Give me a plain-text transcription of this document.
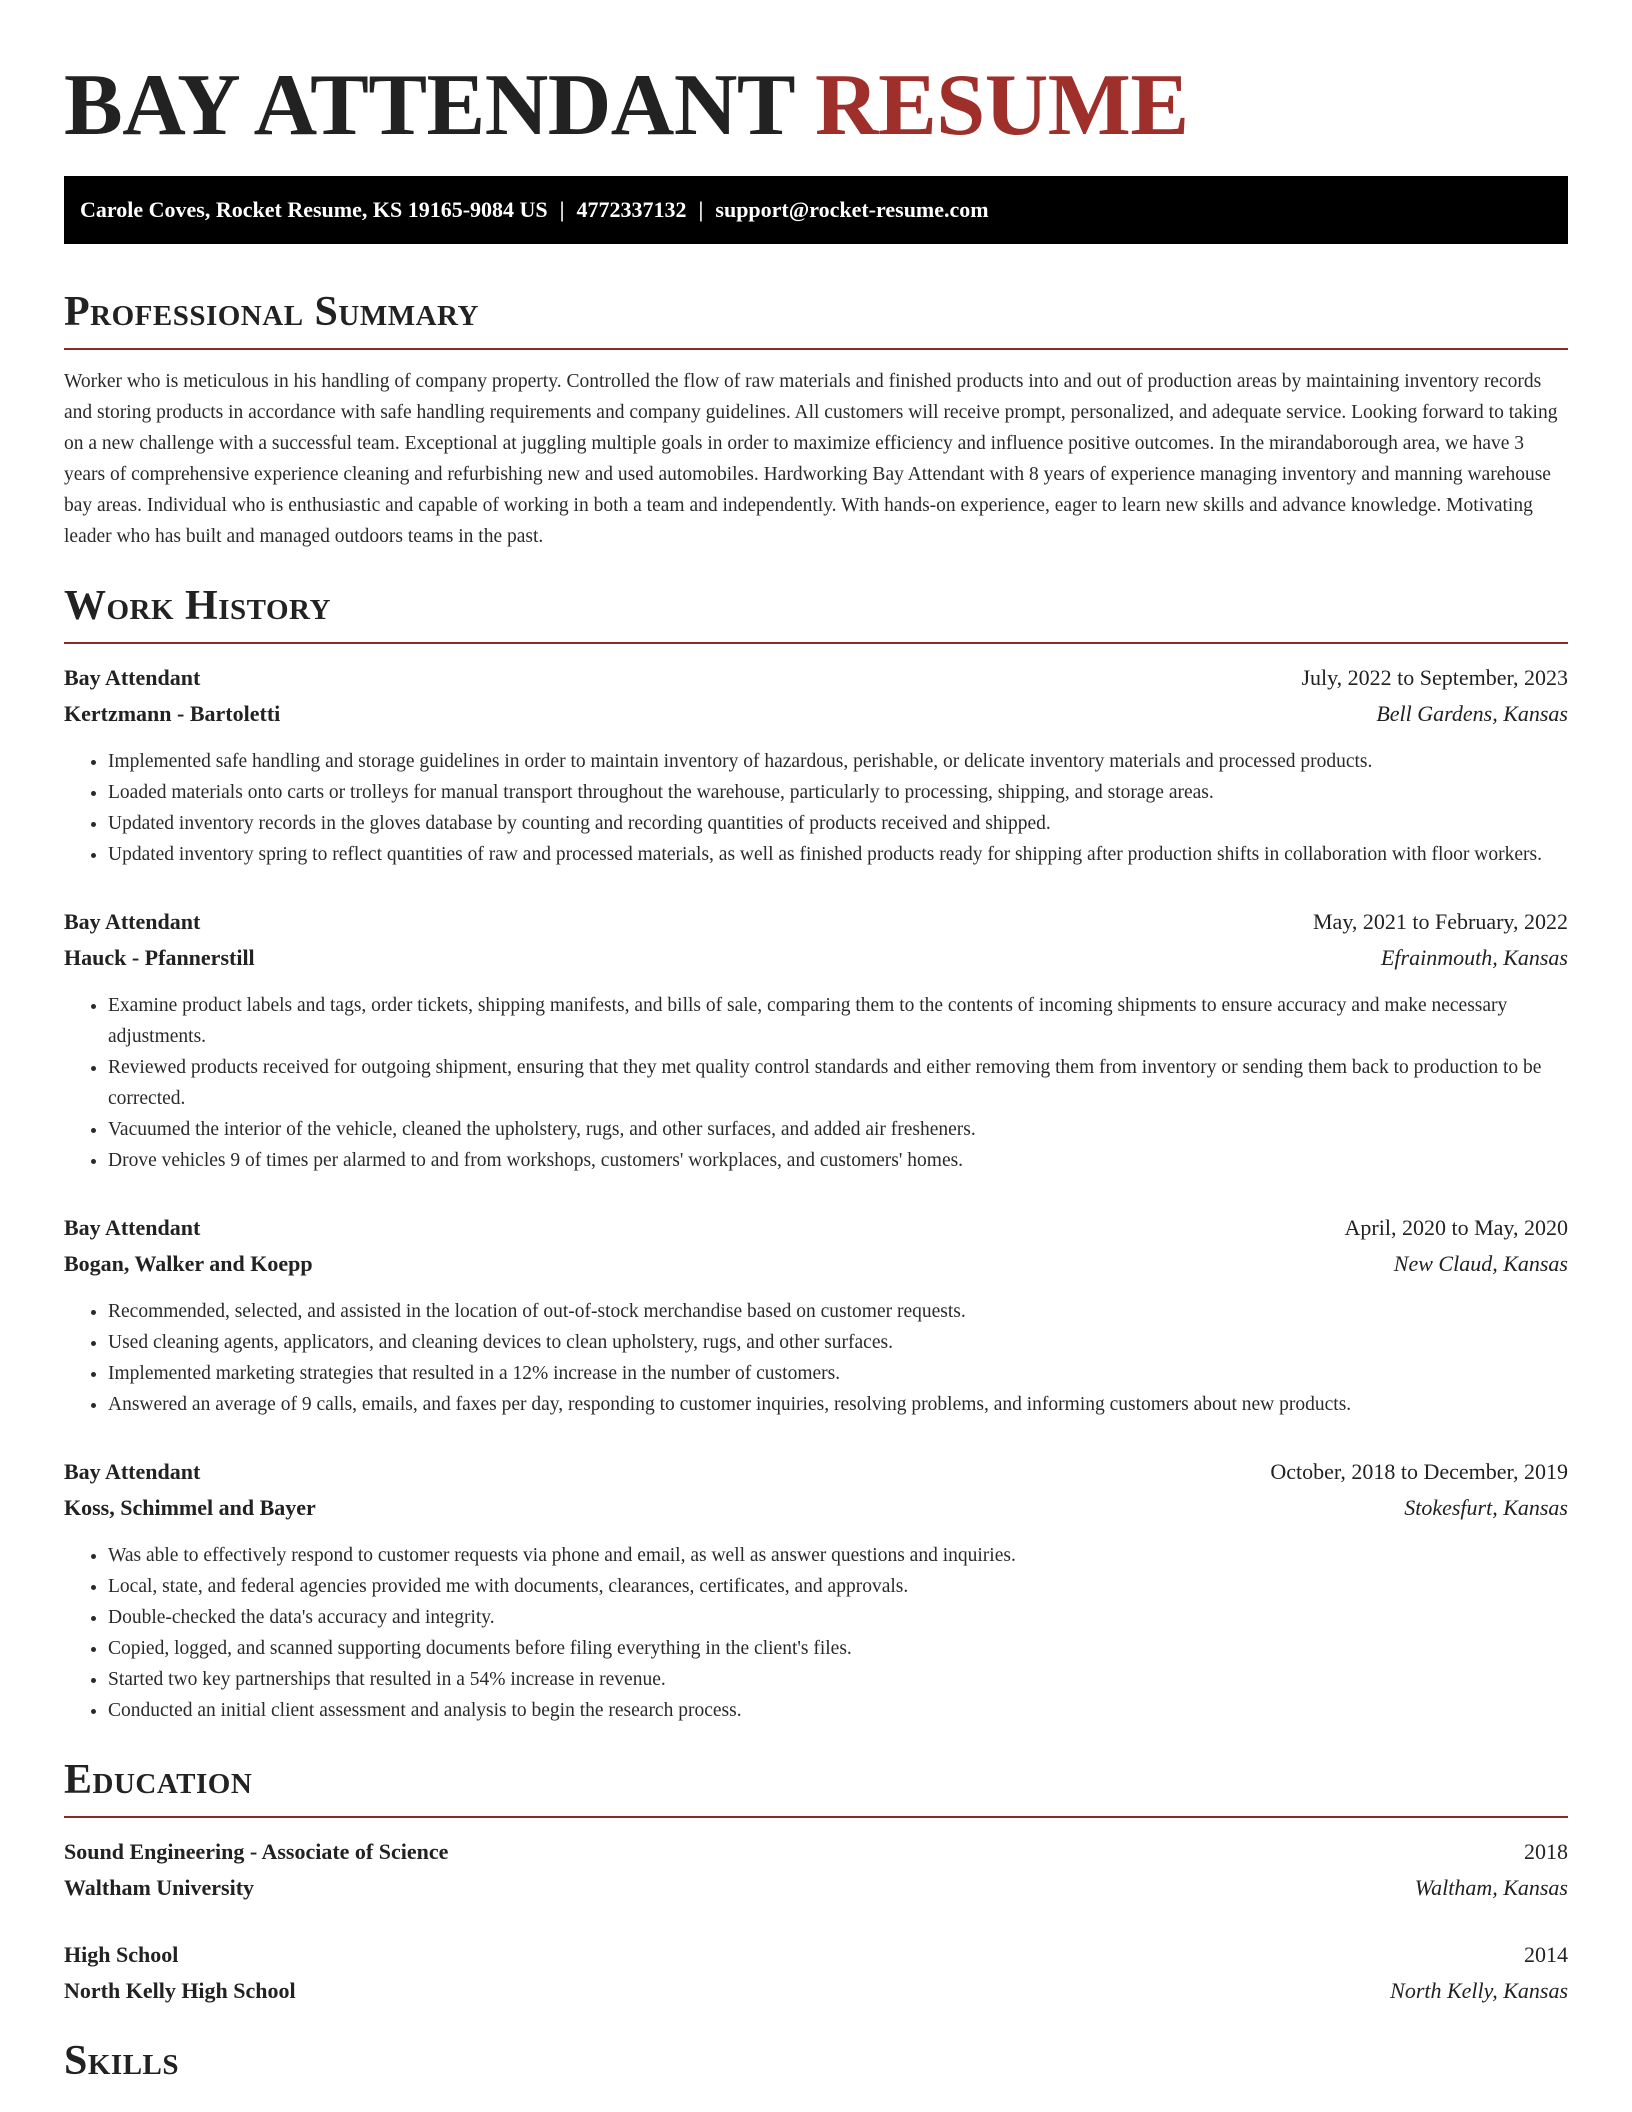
BAY ATTENDANT RESUME
Carole Coves, Rocket Resume, KS 19165-9084 US | 4772337132 | support@rocket-resume.com
Professional Summary

Worker who is meticulous in his handling of company property. Controlled the flow of raw materials and finished products into and out of production areas by maintaining inventory records and storing products in accordance with safe handling requirements and company guidelines. All customers will receive prompt, personalized, and adequate service. Looking forward to taking on a new challenge with a successful team. Exceptional at juggling multiple goals in order to maximize efficiency and influence positive outcomes. In the mirandaborough area, we have 3 years of comprehensive experience cleaning and refurbishing new and used automobiles. Hardworking Bay Attendant with 8 years of experience managing inventory and manning warehouse bay areas. Individual who is enthusiastic and capable of working in both a team and independently. With hands-on experience, eager to learn new skills and advance knowledge. Motivating leader who has built and managed outdoors teams in the past.

Work History
Bay Attendant	July, 2022 to September, 2023
Kertzmann - Bartoletti	Bell Gardens, Kansas
• Implemented safe handling and storage guidelines in order to maintain inventory of hazardous, perishable, or delicate inventory materials and processed products.
• Loaded materials onto carts or trolleys for manual transport throughout the warehouse, particularly to processing, shipping, and storage areas.
• Updated inventory records in the gloves database by counting and recording quantities of products received and shipped.
• Updated inventory spring to reflect quantities of raw and processed materials, as well as finished products ready for shipping after production shifts in collaboration with floor workers.
Bay Attendant	May, 2021 to February, 2022
Hauck - Pfannerstill	Efrainmouth, Kansas
• Examine product labels and tags, order tickets, shipping manifests, and bills of sale, comparing them to the contents of incoming shipments to ensure accuracy and make necessary adjustments.
• Reviewed products received for outgoing shipment, ensuring that they met quality control standards and either removing them from inventory or sending them back to production to be corrected.
• Vacuumed the interior of the vehicle, cleaned the upholstery, rugs, and other surfaces, and added air fresheners.
• Drove vehicles 9 of times per alarmed to and from workshops, customers' workplaces, and customers' homes.
Bay Attendant	April, 2020 to May, 2020
Bogan, Walker and Koepp	New Claud, Kansas
• Recommended, selected, and assisted in the location of out-of-stock merchandise based on customer requests.
• Used cleaning agents, applicators, and cleaning devices to clean upholstery, rugs, and other surfaces.
• Implemented marketing strategies that resulted in a 12% increase in the number of customers.
• Answered an average of 9 calls, emails, and faxes per day, responding to customer inquiries, resolving problems, and informing customers about new products.
Bay Attendant	October, 2018 to December, 2019
Koss, Schimmel and Bayer	Stokesfurt, Kansas
• Was able to effectively respond to customer requests via phone and email, as well as answer questions and inquiries.
• Local, state, and federal agencies provided me with documents, clearances, certificates, and approvals.
• Double-checked the data's accuracy and integrity.
• Copied, logged, and scanned supporting documents before filing everything in the client's files.
• Started two key partnerships that resulted in a 54% increase in revenue.
• Conducted an initial client assessment and analysis to begin the research process.
Education
Sound Engineering - Associate of Science	2018
Waltham University	Waltham, Kansas
High School	2014
North Kelly High School	North Kelly, Kansas
Skills
